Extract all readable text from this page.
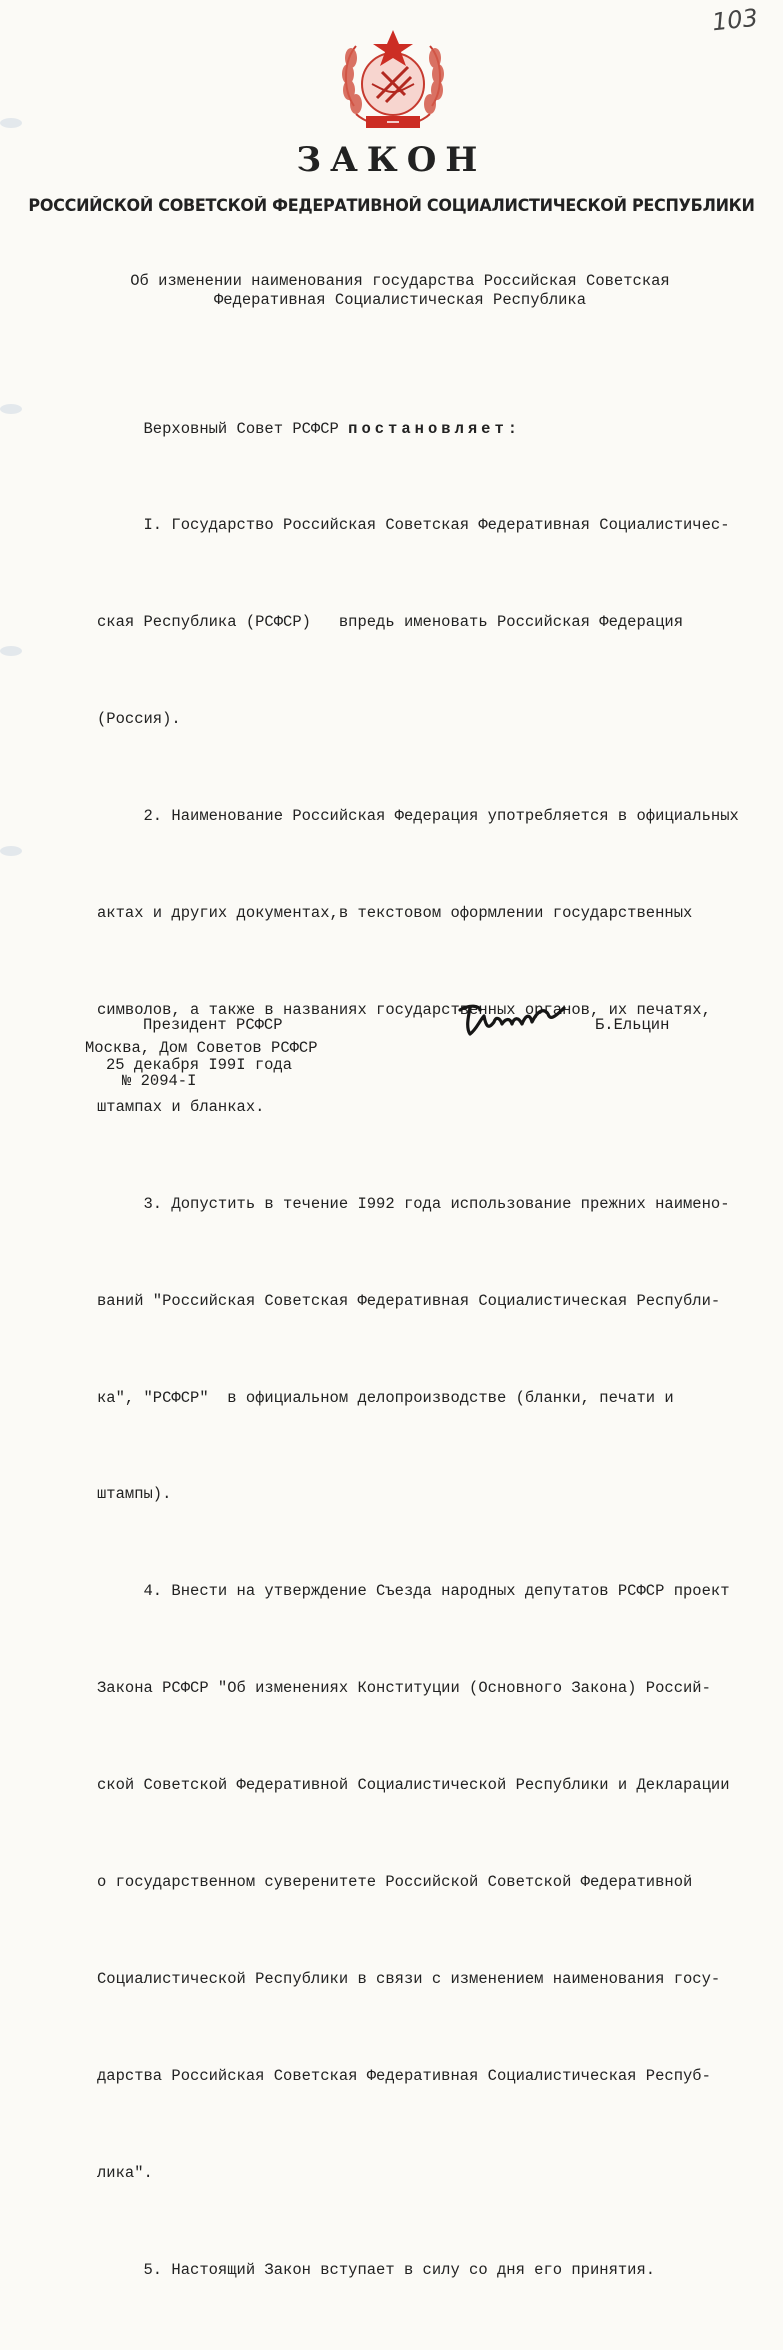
103
ЗАКОН
РОССИЙСКОЙ СОВЕТСКОЙ ФЕДЕРАТИВНОЙ СОЦИАЛИСТИЧЕСКОЙ РЕСПУБЛИКИ
Об изменении наименования государства Российская Советская
Федеративная Социалистическая Республика

Верховный Совет РСФСР постановляет:

I. Государство Российская Советская Федеративная Социалистичес-

ская Республика (РСФСР)   впредь именовать Российская Федерация

(Россия).

2. Наименование Российская Федерация употребляется в официальных

актах и других документах,в текстовом оформлении государственных

символов, а также в названиях государственных органов, их печатях,

штампах и бланках.

3. Допустить в течение I992 года использование прежних наимено-

ваний "Российская Советская Федеративная Социалистическая Республи-

ка", "РСФСР"  в официальном делопроизводстве (бланки, печати и

штампы).

4. Внести на утверждение Съезда народных депутатов РСФСР проект

Закона РСФСР "Об изменениях Конституции (Основного Закона) Россий-

ской Советской Федеративной Социалистической Республики и Декларации

о государственном суверенитете Российской Советской Федеративной

Социалистической Республики в связи с изменением наименования госу-

дарства Российская Советская Федеративная Социалистическая Респуб-

лика".

5. Настоящий Закон вступает в силу со дня его принятия.

Президент РСФСР	Б.Ельцин
Москва, Дом Советов РСФСР
25 декабря I99I года
№ 2094-I
